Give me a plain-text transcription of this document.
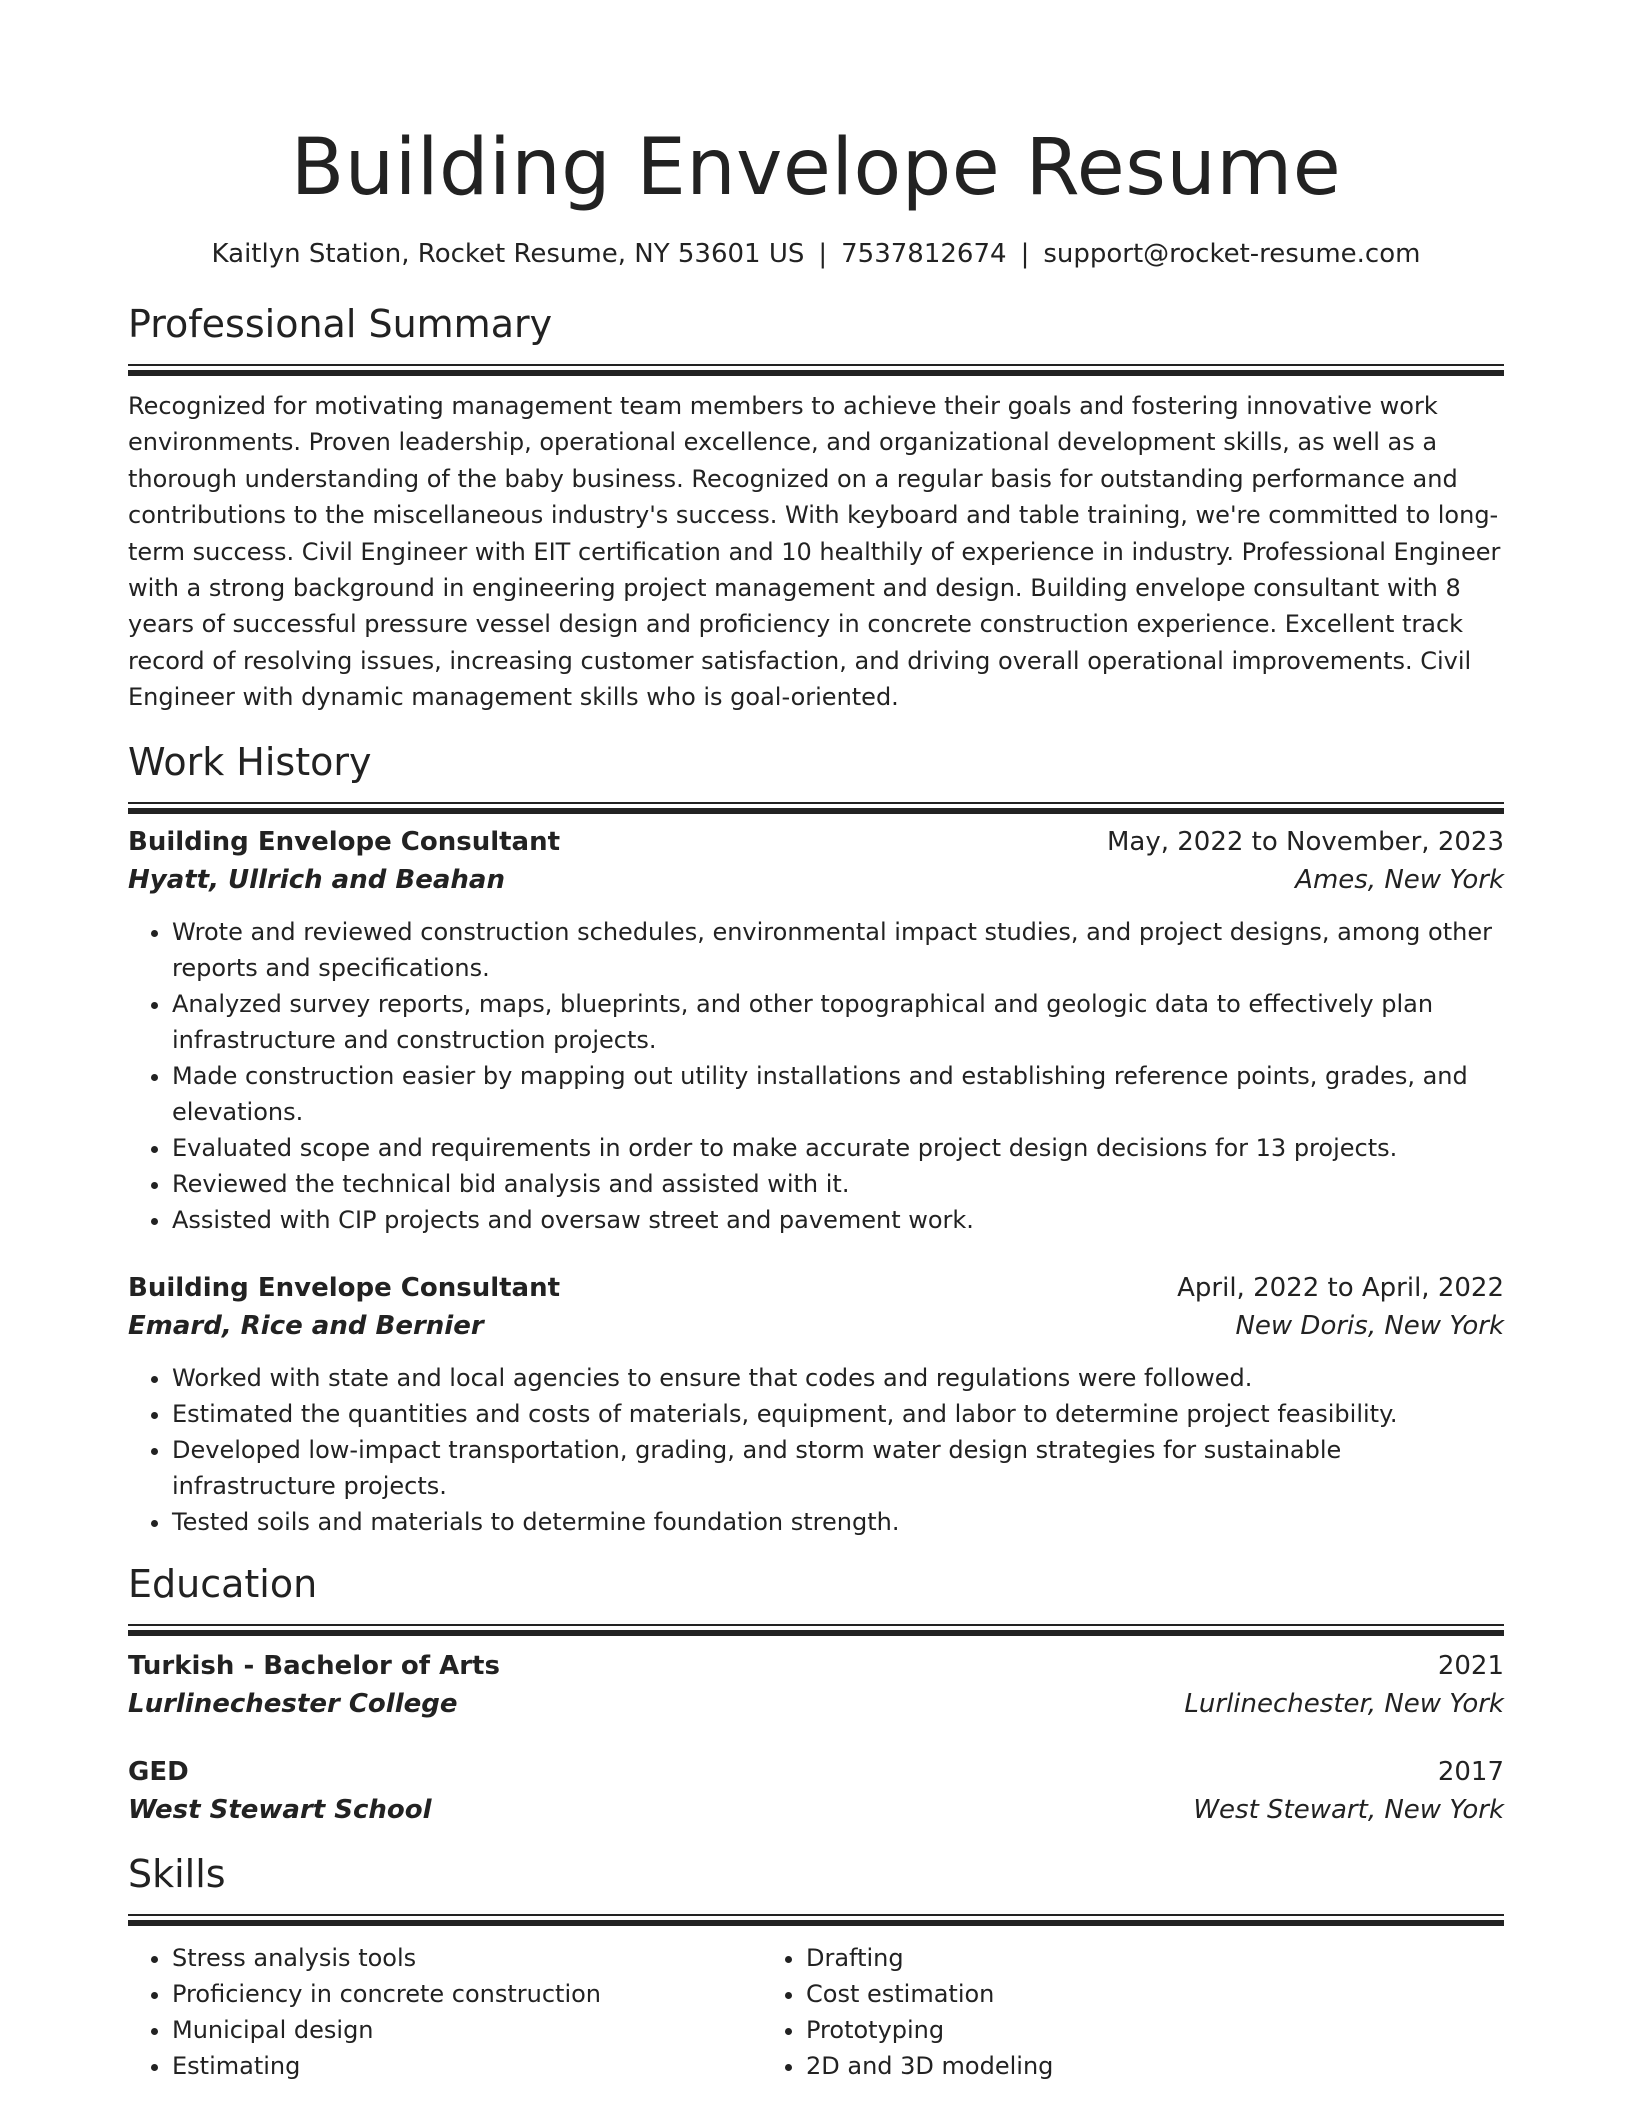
Building Envelope Resume
Kaitlyn Station, Rocket Resume, NY 53601 US | 7537812674 | support@rocket-resume.com
Professional Summary
Recognized for motivating management team members to achieve their goals and fostering innovative work environments. Proven leadership, operational excellence, and organizational development skills, as well as a thorough understanding of the baby business. Recognized on a regular basis for outstanding performance and contributions to the miscellaneous industry's success. With keyboard and table training, we're committed to long-term success. Civil Engineer with EIT certification and 10 healthily of experience in industry. Professional Engineer with a strong background in engineering project management and design. Building envelope consultant with 8 years of successful pressure vessel design and proficiency in concrete construction experience. Excellent track record of resolving issues, increasing customer satisfaction, and driving overall operational improvements. Civil Engineer with dynamic management skills who is goal-oriented.
Work History
Building Envelope Consultant	May, 2022 to November, 2023
Hyatt, Ullrich and Beahan	Ames, New York
• Wrote and reviewed construction schedules, environmental impact studies, and project designs, among other reports and specifications.
• Analyzed survey reports, maps, blueprints, and other topographical and geologic data to effectively plan infrastructure and construction projects.
• Made construction easier by mapping out utility installations and establishing reference points, grades, and elevations.
• Evaluated scope and requirements in order to make accurate project design decisions for 13 projects.
• Reviewed the technical bid analysis and assisted with it.
• Assisted with CIP projects and oversaw street and pavement work.
Building Envelope Consultant	April, 2022 to April, 2022
Emard, Rice and Bernier	New Doris, New York
• Worked with state and local agencies to ensure that codes and regulations were followed.
• Estimated the quantities and costs of materials, equipment, and labor to determine project feasibility.
• Developed low-impact transportation, grading, and storm water design strategies for sustainable infrastructure projects.
• Tested soils and materials to determine foundation strength.
Education
Turkish - Bachelor of Arts	2021
Lurlinechester College	Lurlinechester, New York
GED	2017
West Stewart School	West Stewart, New York
Skills
• Stress analysis tools
• Proficiency in concrete construction
• Municipal design
• Estimating
• Drafting
• Cost estimation
• Prototyping
• 2D and 3D modeling
